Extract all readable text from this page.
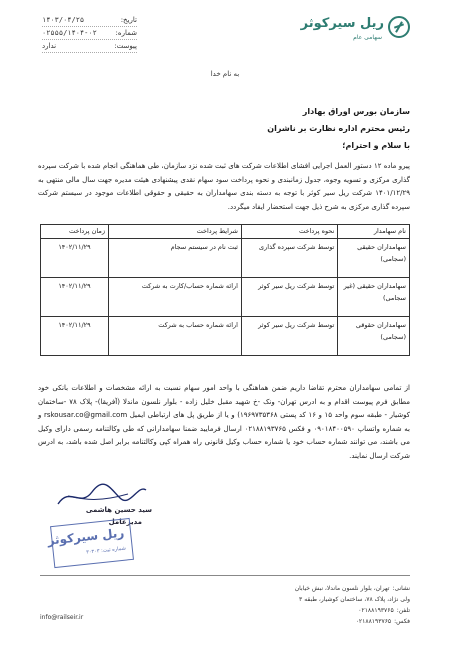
تاریخ:
۱۴۰۳/۰۴/۲۵
شماره:
۰۲۵۵۵/۱۴۰۴-۰۲
پیوست:
ندارد
ریل سیرکوثر
سهامی عام
به نام خدا
سازمان بورس اوراق بهادار
رئیس محترم اداره نظارت بر ناشران
با سلام و احترام؛
پیرو ماده ۱۲ دستور العمل اجرایی افشای اطلاعات شرکت های ثبت شده نزد سازمان، طی هماهنگی انجام شده با شرکت سپرده گذاری مرکزی و تسویه وجوه، جدول زمانبندی و نحوه پرداخت سود سهام نقدی پیشنهادی هیئت مدیره جهت سال مالی منتهی به ۱۴۰۱/۱۲/۲۹ شرکت ریل سیر کوثر با توجه به دسته بندی سهامداران به حقیقی و حقوقی اطلاعات موجود در سیستم شرکت سپرده گذاری مرکزی به شرح ذیل جهت استحضار ایفاد میگردد.
نام سهامدار	نحوه پرداخت	شرایط پرداخت	زمان پرداخت
سهامداران حقیقی (سجامی)	توسط شرکت سپرده گذاری	ثبت نام در سیستم سجام	۱۴۰۲/۱۱/۲۹
سهامداران حقیقی (غیر سجامی)	توسط شرکت ریل سیر کوثر	ارائه شماره حساب/کارت به شرکت	۱۴۰۲/۱۱/۲۹
سهامداران حقوقی (سجامی)	توسط شرکت ریل سیر کوثر	ارائه شماره حساب به شرکت	۱۴۰۲/۱۱/۲۹
از تمامی سهامداران محترم تقاضا داریم ضمن هماهنگی با واحد امور سهام نسبت به ارائه مشخصات و اطلاعات بانکی خود مطابق فرم پیوست اقدام و به ادرس تهران- ونک -خ شهید مقبل خلیل زاده - بلوار نلسون ماندلا (آفریقا)- پلاک ۷۸ -ساختمان کوشیار - طبقه سوم واحد ۱۵ و ۱۶ کد پستی ۱۹۶۹۷۳۵۳۶۸) و یا از طریق پل های ارتباطی ایمیل rskousar.co@gmail.com و به شماره واتساپ ۰۹۰۱۸۴۰۰۵۹۰ و فکس ۰۲۱۸۸۱۹۳۷۶۵ ارسال فرمایید ضمنا سهامدارانی که طی وکالتنامه رسمی دارای وکیل می باشند، می توانند شماره حساب خود یا شماره حساب وکیل قانونی راه همراه کپی وکالتنامه برابر اصل شده باشد، به ادرس شرکت ارسال نمایند.
سید حسین هاشمی
مدیرعامل
ریل سیرکوثر
شماره ثبت: ۳۰۳۰۳
نشانی:تهران، بلوار نلسون ماندلا، نبش خیابان
ولی نژاد، پلاک ۷۸، ساختمان کوشیار، طبقه ۳
تلفن:۰۲۱۸۸۱۹۳۷۶۵
فکس:۰۲۱۸۸۱۹۳۷۶۵
info@railseir.ir
